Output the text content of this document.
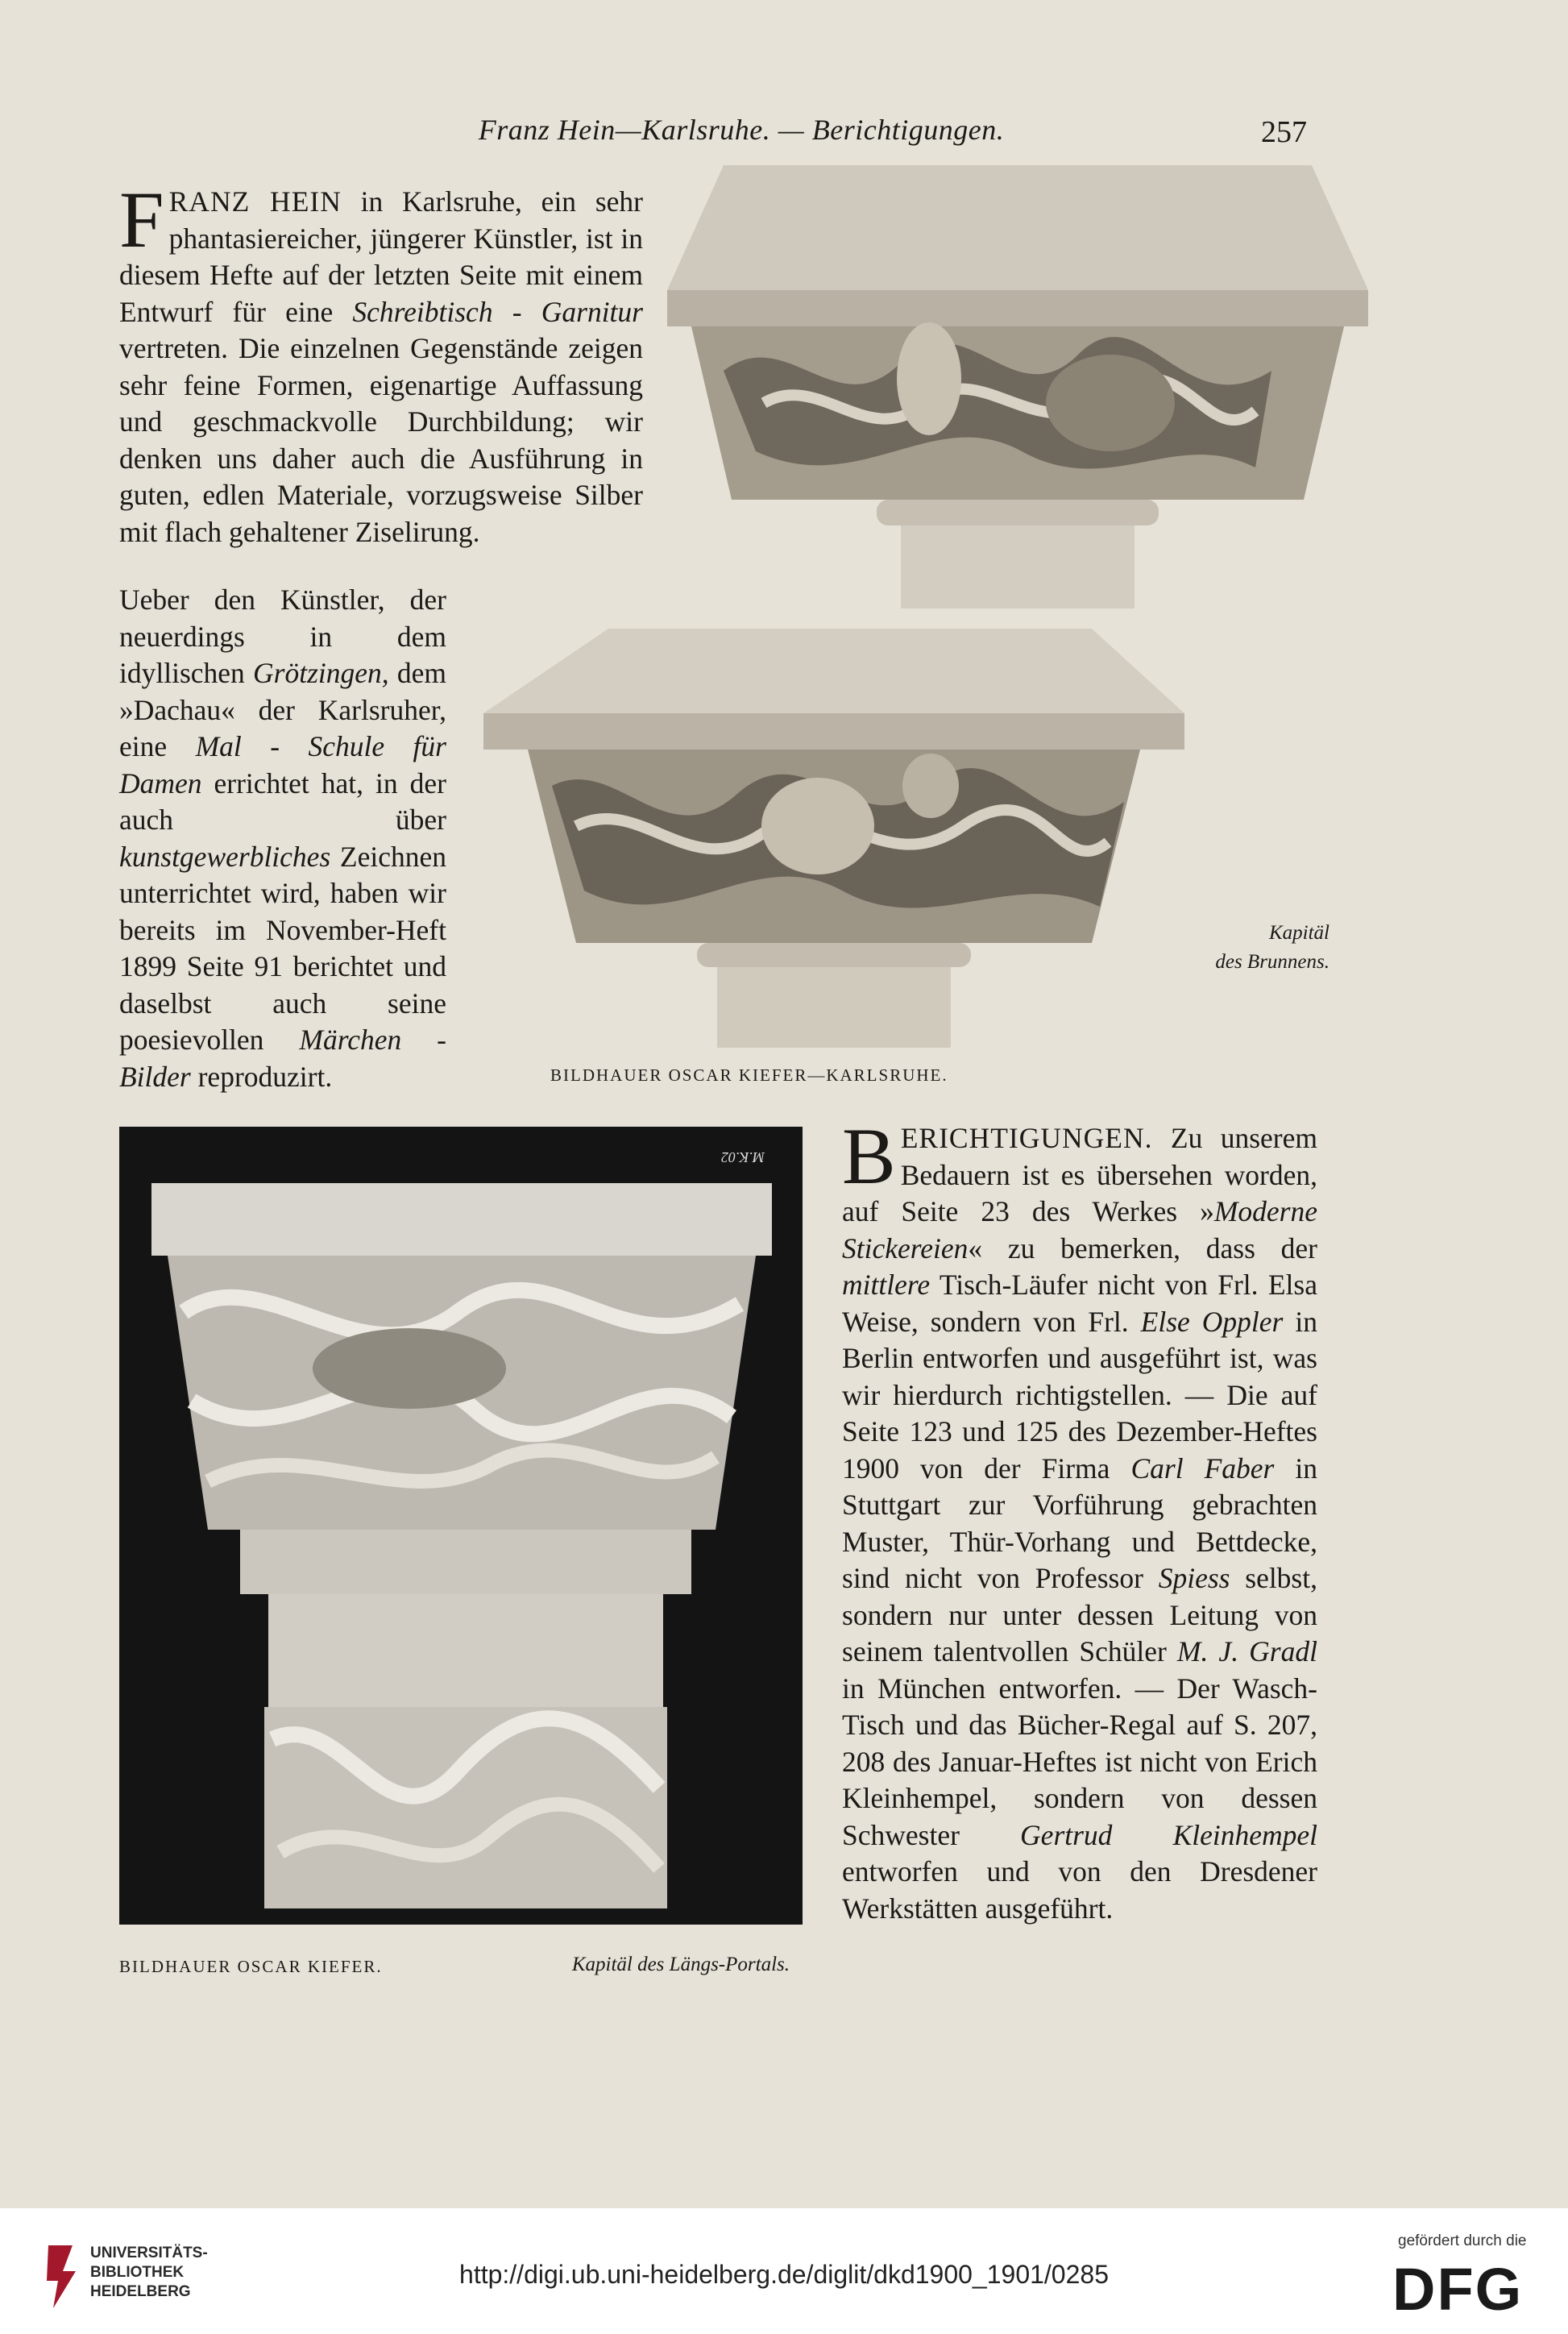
Franz Hein—Karlsruhe. — Berichtigungen.	257

FRANZ HEIN in Karlsruhe, ein sehr phantasiereicher, jüngerer Künstler, ist in diesem Hefte auf der letzten Seite mit einem Entwurf für eine Schreibtisch - Garnitur vertreten. Die einzelnen Gegenstände zeigen sehr feine Formen, eigenartige Auffassung und geschmackvolle Durchbildung; wir denken uns daher auch die Ausführung in guten, edlen Materiale, vorzugsweise Silber mit flach gehaltener Ziselirung.

Ueber den Künstler, der neuerdings in dem idyllischen Grötzingen, dem »Dachau« der Karlsruher, eine Mal - Schule für Damen errichtet hat, in der auch über kunstgewerbliches Zeichnen unterrichtet wird, haben wir bereits im November-Heft 1899 Seite 91 berichtet und daselbst auch seine poesievollen Märchen - Bilder reproduzirt.	BILDHAUER OSCAR KIEFER—KARLSRUHE.
Kapitäl
des Brunnens.
M.K.02
BILDHAUER OSCAR KIEFER.	Kapitäl des Längs-Portals.

BERICHTIGUNGEN. Zu unserem Bedauern ist es übersehen worden, auf Seite 23 des Werkes »Moderne Stickereien« zu bemerken, dass der mittlere Tisch-Läufer nicht von Frl. Elsa Weise, sondern von Frl. Else Oppler in Berlin entworfen und ausgeführt ist, was wir hierdurch richtigstellen. — Die auf Seite 123 und 125 des Dezember-Heftes 1900 von der Firma Carl Faber in Stuttgart zur Vorführung gebrachten Muster, Thür-Vorhang und Bettdecke, sind nicht von Professor Spiess selbst, sondern nur unter dessen Leitung von seinem talentvollen Schüler M. J. Gradl in München entworfen. — Der Wasch-Tisch und das Bücher-Regal auf S. 207, 208 des Januar-Heftes ist nicht von Erich Kleinhempel, sondern von dessen Schwester Gertrud Kleinhempel entworfen und von den Dresdener Werkstätten ausgeführt.

UNIVERSITÄTS-
BIBLIOTHEK
HEIDELBERG
http://digi.ub.uni-heidelberg.de/diglit/dkd1900_1901/0285
gefördert durch die
DFG
